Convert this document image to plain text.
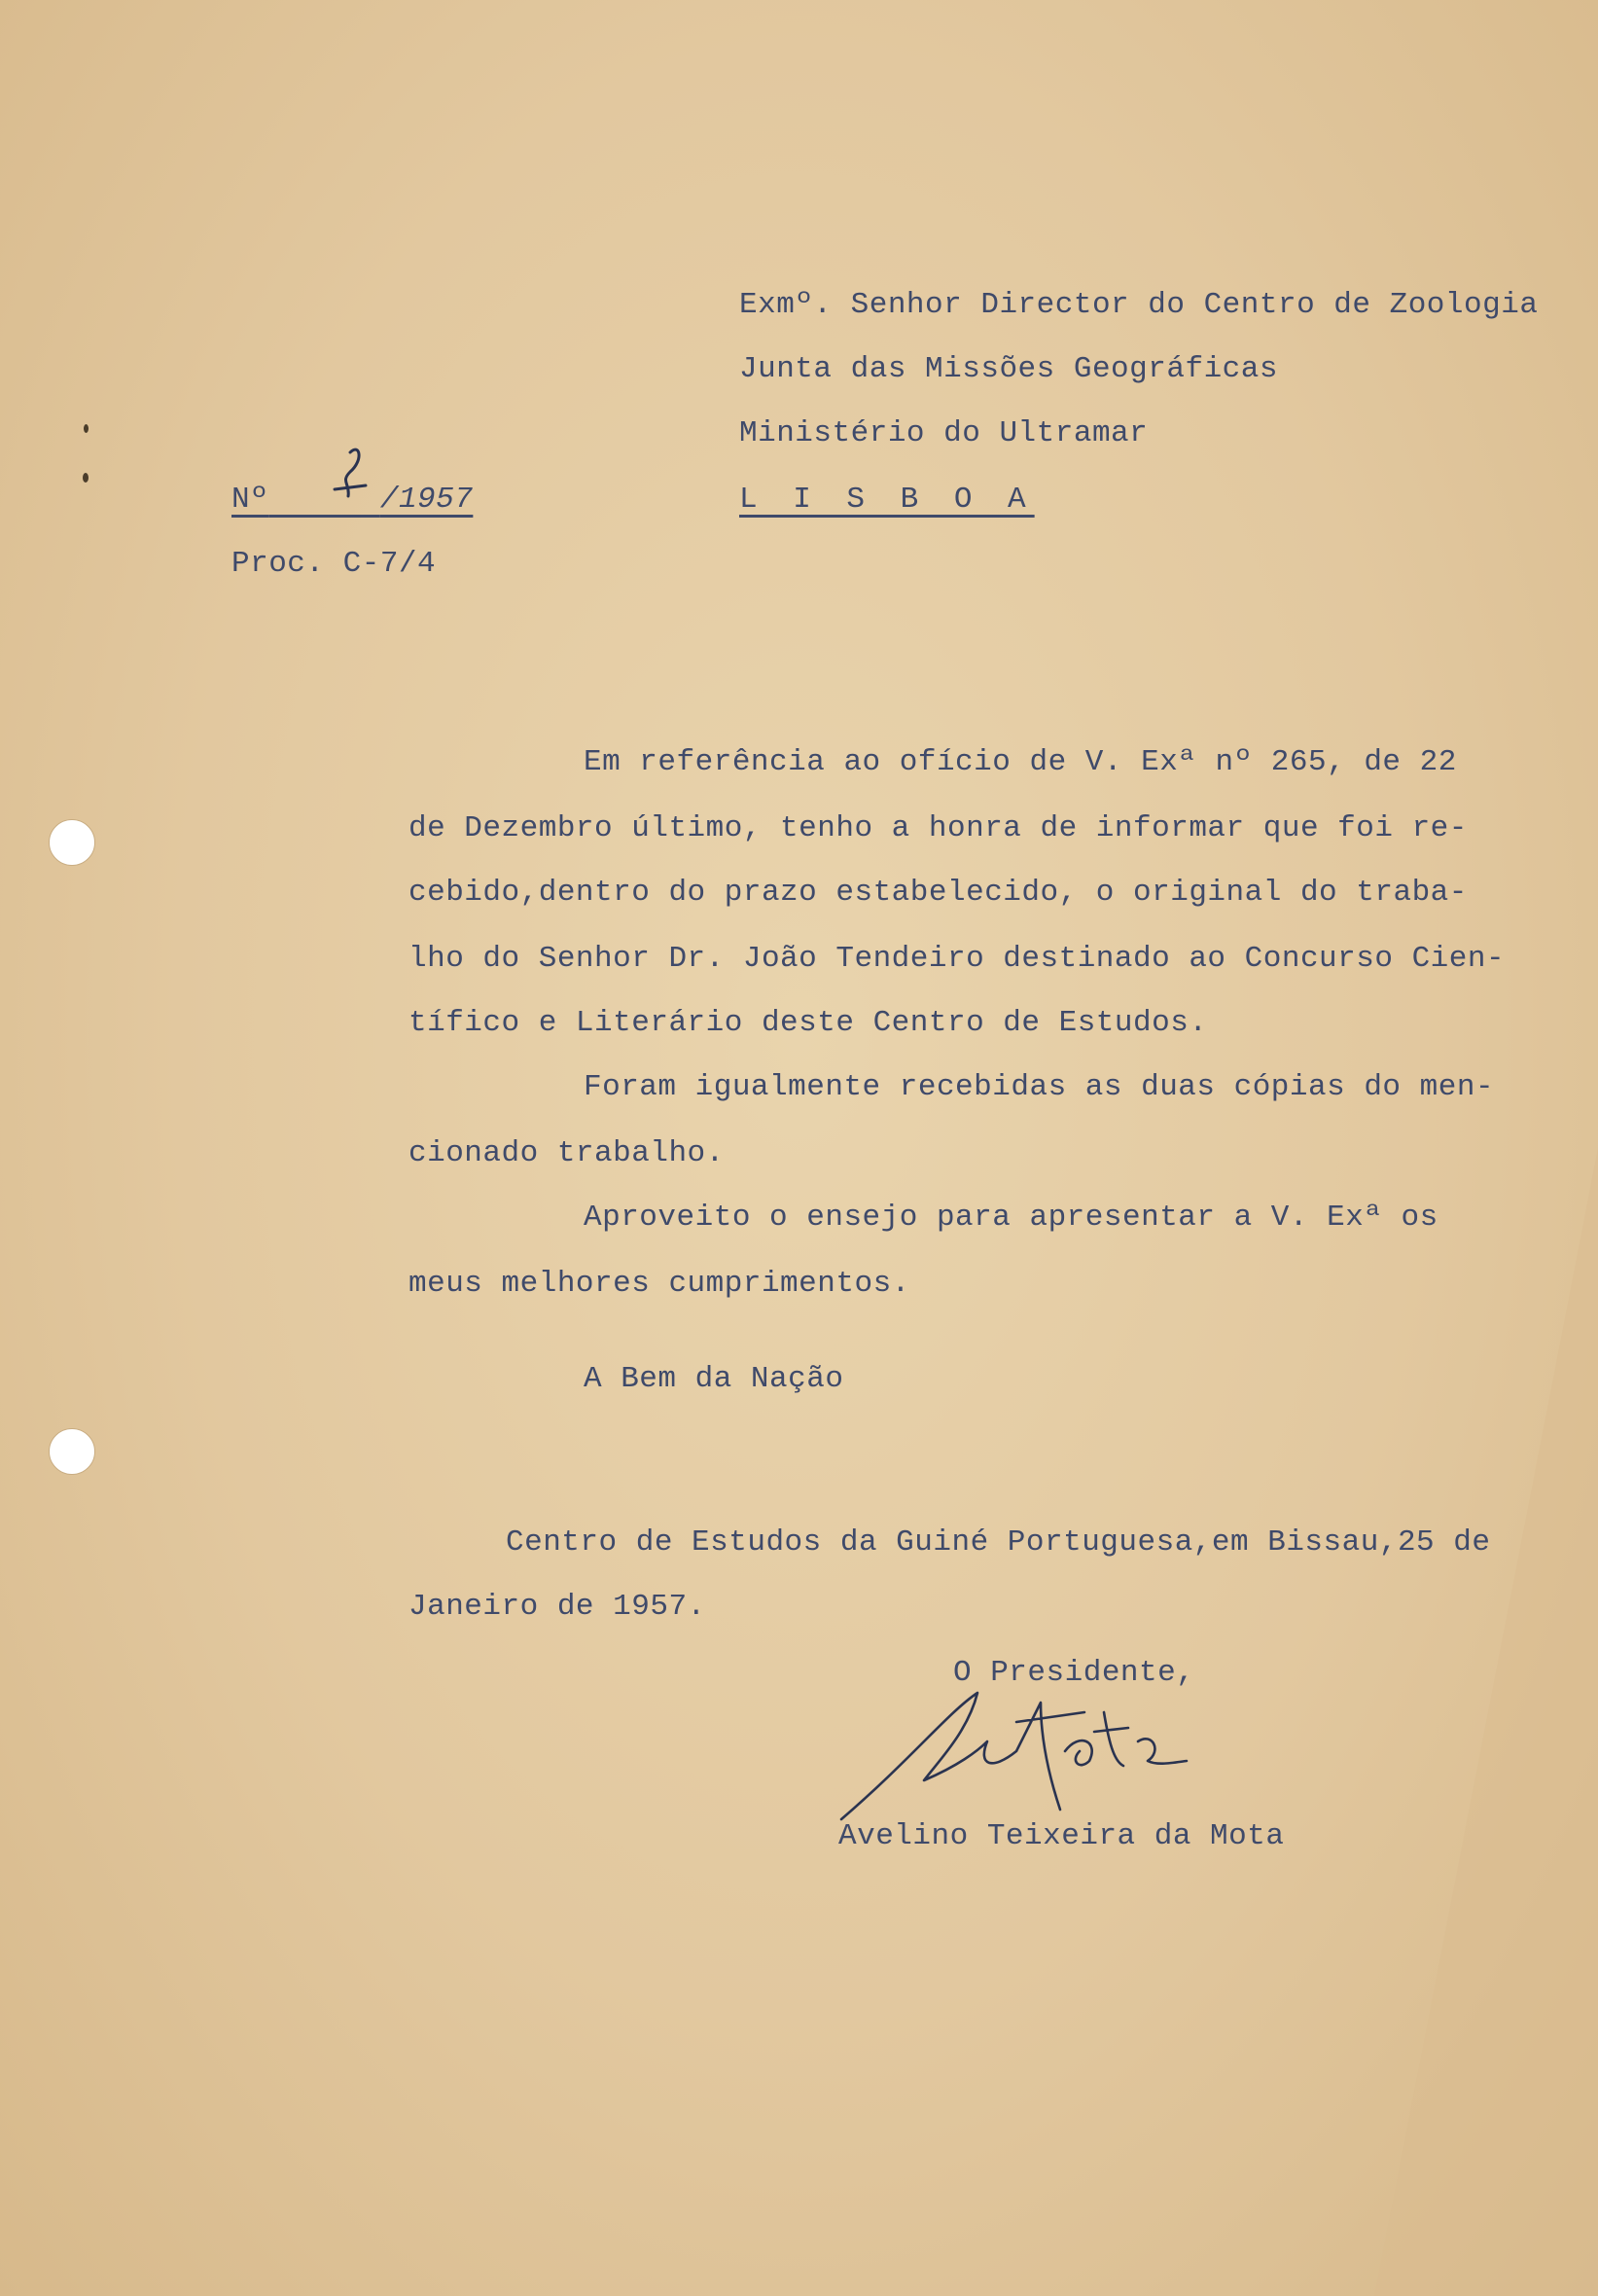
Exmº. Senhor Director do Centro de Zoologia

Junta das Missões Geográficas

Ministério do Ultramar

L I S B O A

Nº	/1957

Proc. C-7/4

Em referência ao ofício de V. Exª nº 265, de 22

de Dezembro último, tenho a honra de informar que foi re-

cebido,dentro do prazo estabelecido, o original do traba-

lho do Senhor Dr. João Tendeiro destinado ao Concurso Cien-

tífico e Literário deste Centro de Estudos.

Foram igualmente recebidas as duas cópias do men-

cionado trabalho.

Aproveito o ensejo para apresentar a V. Exª os

meus melhores cumprimentos.

A Bem da Nação

Centro de Estudos da Guiné Portuguesa,em Bissau,25 de

Janeiro de 1957.

O Presidente,

Avelino Teixeira da Mota
